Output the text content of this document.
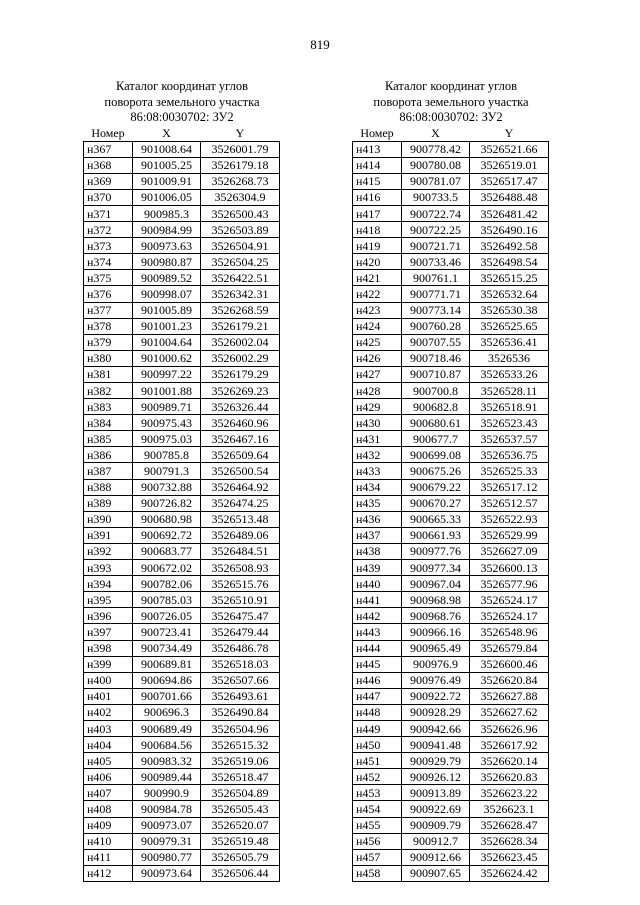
819
Каталог координат углов
поворота земельного участка
86:08:0030702: ЗУ2
Номер	X	Y
н367	901008.64	3526001.79
н368	901005.25	3526179.18
н369	901009.91	3526268.73
н370	901006.05	3526304.9
н371	900985.3	3526500.43
н372	900984.99	3526503.89
н373	900973.63	3526504.91
н374	900980.87	3526504.25
н375	900989.52	3526422.51
н376	900998.07	3526342.31
н377	901005.89	3526268.59
н378	901001.23	3526179.21
н379	901004.64	3526002.04
н380	901000.62	3526002.29
н381	900997.22	3526179.29
н382	901001.88	3526269.23
н383	900989.71	3526326.44
н384	900975.43	3526460.96
н385	900975.03	3526467.16
н386	900785.8	3526509.64
н387	900791.3	3526500.54
н388	900732.88	3526464.92
н389	900726.82	3526474.25
н390	900680.98	3526513.48
н391	900692.72	3526489.06
н392	900683.77	3526484.51
н393	900672.02	3526508.93
н394	900782.06	3526515.76
н395	900785.03	3526510.91
н396	900726.05	3526475.47
н397	900723.41	3526479.44
н398	900734.49	3526486.78
н399	900689.81	3526518.03
н400	900694.86	3526507.66
н401	900701.66	3526493.61
н402	900696.3	3526490.84
н403	900689.49	3526504.96
н404	900684.56	3526515.32
н405	900983.32	3526519.06
н406	900989.44	3526518.47
н407	900990.9	3526504.89
н408	900984.78	3526505.43
н409	900973.07	3526520.07
н410	900979.31	3526519.48
н411	900980.77	3526505.79
н412	900973.64	3526506.44
Каталог координат углов
поворота земельного участка
86:08:0030702: ЗУ2
Номер	X	Y
н413	900778.42	3526521.66
н414	900780.08	3526519.01
н415	900781.07	3526517.47
н416	900733.5	3526488.48
н417	900722.74	3526481.42
н418	900722.25	3526490.16
н419	900721.71	3526492.58
н420	900733.46	3526498.54
н421	900761.1	3526515.25
н422	900771.71	3526532.64
н423	900773.14	3526530.38
н424	900760.28	3526525.65
н425	900707.55	3526536.41
н426	900718.46	3526536
н427	900710.87	3526533.26
н428	900700.8	3526528.11
н429	900682.8	3526518.91
н430	900680.61	3526523.43
н431	900677.7	3526537.57
н432	900699.08	3526536.75
н433	900675.26	3526525.33
н434	900679.22	3526517.12
н435	900670.27	3526512.57
н436	900665.33	3526522.93
н437	900661.93	3526529.99
н438	900977.76	3526627.09
н439	900977.34	3526600.13
н440	900967.04	3526577.96
н441	900968.98	3526524.17
н442	900968.76	3526524.17
н443	900966.16	3526548.96
н444	900965.49	3526579.84
н445	900976.9	3526600.46
н446	900976.49	3526620.84
н447	900922.72	3526627.88
н448	900928.29	3526627.62
н449	900942.66	3526626.96
н450	900941.48	3526617.92
н451	900929.79	3526620.14
н452	900926.12	3526620.83
н453	900913.89	3526623.22
н454	900922.69	3526623.1
н455	900909.79	3526628.47
н456	900912.7	3526628.34
н457	900912.66	3526623.45
н458	900907.65	3526624.42
